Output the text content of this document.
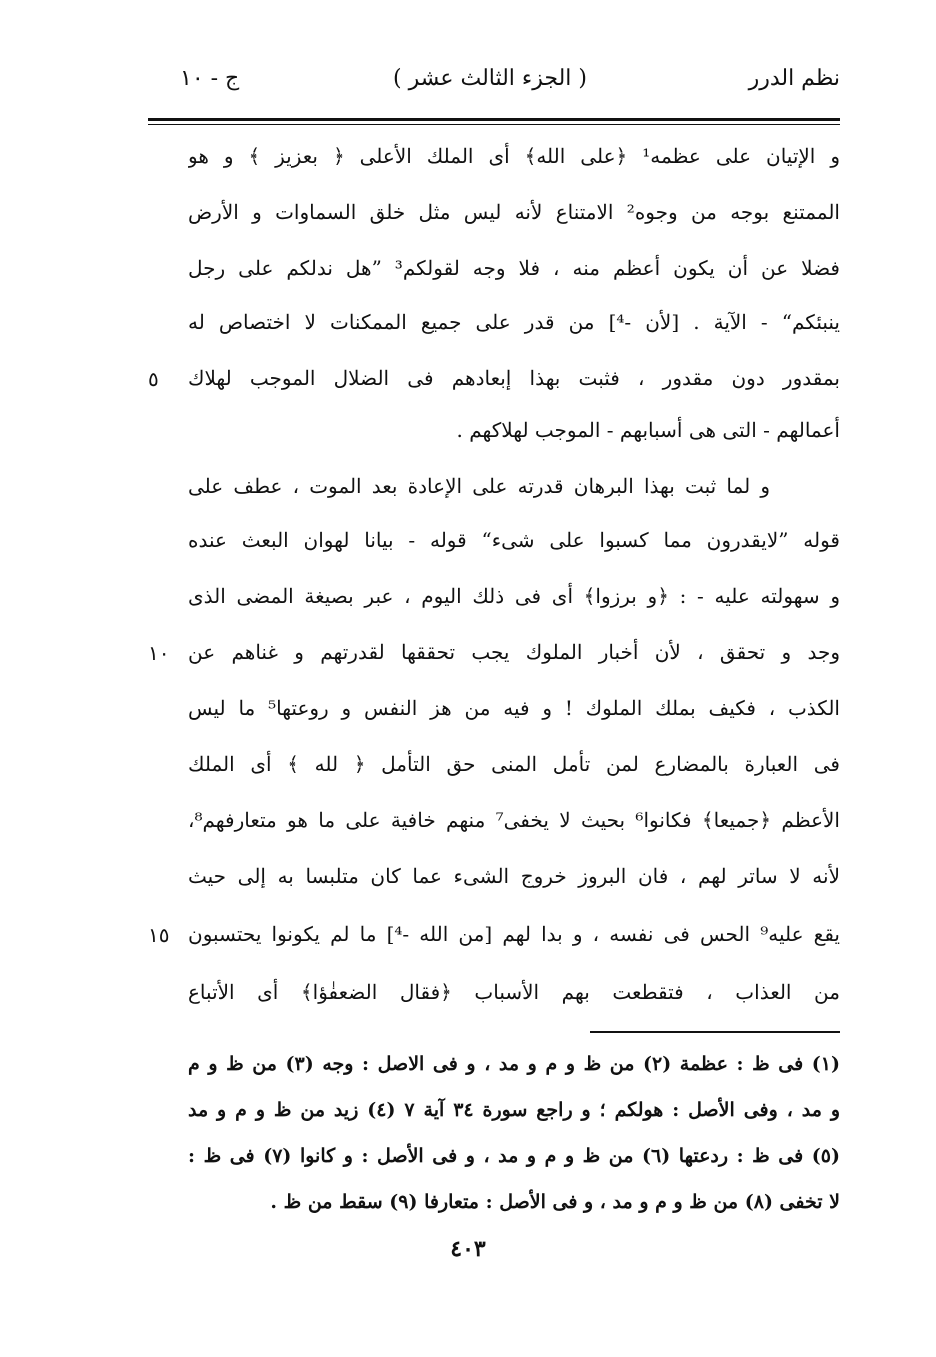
نظم الدرر
( الجزء الثالث عشر )
ج - ١٠
و الإتيان على عظمه¹ ﴿على الله﴾ أى الملك الأعلى ﴿ بعزيز ﴾ و هو
الممتنع بوجه من وجوه² الامتناع لأنه ليس مثل خلق السماوات و الأرض
فضلا عن أن يكون أعظم منه ، فلا وجه لقولكم³ ”هل ندلكم على رجل
ينبئكم“ - الآية . [لأن -⁴] من قدر على جميع الممكنات لا اختصاص له
بمقدور دون مقدور ، فثبت بهذا إبعادهم فى الضلال الموجب لهلاك
أعمالهم - التى هى أسبابهم - الموجب لهلاكهم .
و لما ثبت بهذا البرهان قدرته على الإعادة بعد الموت ، عطف على
قوله ”لايقدرون مما كسبوا على شىء“ قوله - بيانا لهوان البعث عنده
و سهولته عليه - : ﴿و برزوا﴾ أى فى ذلك اليوم ، عبر بصيغة المضى الذى
وجد و تحقق ، لأن أخبار الملوك يجب تحققها لقدرتهم و غناهم عن
الكذب ، فكيف بملك الملوك ! و فيه من هز النفس و روعتها⁵ ما ليس
فى العبارة بالمضارع لمن تأمل المنى حق التأمل ﴿ لله ﴾ أى الملك
الأعظم ﴿جميعا﴾ فكانوا⁶ بحيث لا يخفى⁷ منهم خافية على ما هو متعارفهم⁸،
لأنه لا ساتر لهم ، فان البروز خروج الشىء عما كان متلبسا به إلى حيث
يقع عليه⁹ الحس فى نفسه ، و بدا لهم [من الله -⁴] ما لم يكونوا يحتسبون
من العذاب ، فتقطعت بهم الأسباب ﴿فقال الضعفٰؤا﴾ أى الأتباع
٥
١٠
١٥
(١) فى ظ : عظمة (٢) من ظ و م و مد ، و فى الاصل : وجه (٣) من ظ و م
و مد ، وفى الأصل : هولكم ؛ و راجع سورة ٣٤ آية ٧ (٤) زيد من ظ و م و مد
(٥) فى ظ : ردعتها (٦) من ظ و م و مد ، و فى الأصل : و كانوا (٧) فى ظ :
لا تخفى (٨) من ظ و م و مد ، و فى الأصل : متعارفا (٩) سقط من ظ .
٤٠٣
